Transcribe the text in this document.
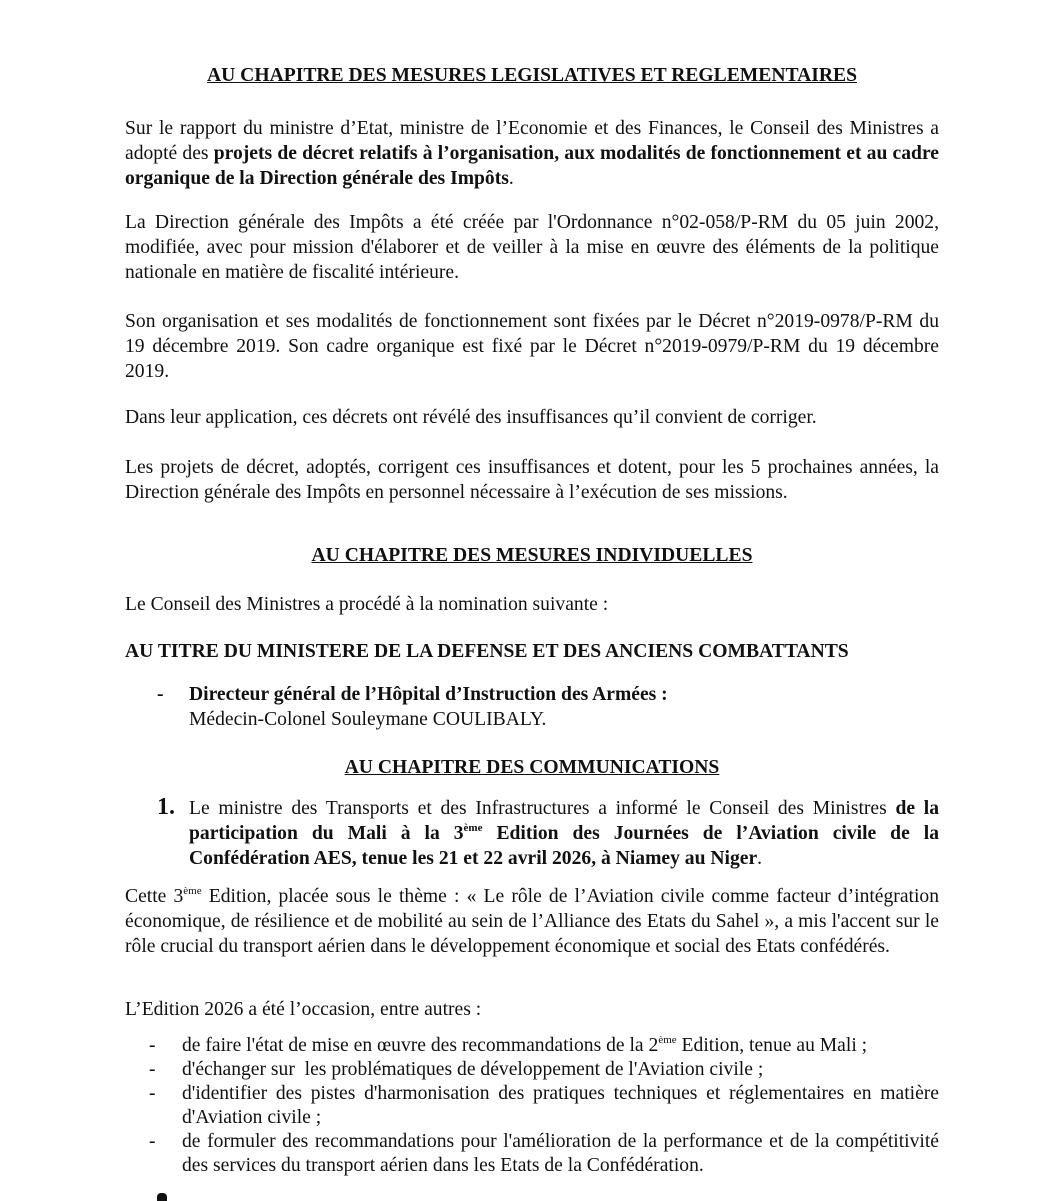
AU CHAPITRE DES MESURES LEGISLATIVES ET REGLEMENTAIRES

Sur le rapport du ministre d’Etat, ministre de l’Economie et des Finances, le Conseil des Ministres a adopté des projets de décret relatifs à l’organisation, aux modalités de fonctionnement et au cadre organique de la Direction générale des Impôts.

La Direction générale des Impôts a été créée par l'Ordonnance n°02-058/P-RM du 05 juin 2002, modifiée, avec pour mission d'élaborer et de veiller à la mise en œuvre des éléments de la politique nationale en matière de fiscalité intérieure.

Son organisation et ses modalités de fonctionnement sont fixées par le Décret n°2019-0978/P-RM du 19 décembre 2019. Son cadre organique est fixé par le Décret n°2019-0979/P-RM du 19 décembre 2019.

Dans leur application, ces décrets ont révélé des insuffisances qu’il convient de corriger.

Les projets de décret, adoptés, corrigent ces insuffisances et dotent, pour les 5 prochaines années, la Direction générale des Impôts en personnel nécessaire à l’exécution de ses missions.

AU CHAPITRE DES MESURES INDIVIDUELLES

Le Conseil des Ministres a procédé à la nomination suivante :

AU TITRE DU MINISTERE DE LA DEFENSE ET DES ANCIENS COMBATTANTS

- Directeur général de l’Hôpital d’Instruction des Armées :
Médecin-Colonel Souleymane COULIBALY.

AU CHAPITRE DES COMMUNICATIONS

1. Le ministre des Transports et des Infrastructures a informé le Conseil des Ministres de la participation du Mali à la 3ème Edition des Journées de l’Aviation civile de la Confédération AES, tenue les 21 et 22 avril 2026, à Niamey au Niger.

Cette 3ème Edition, placée sous le thème : « Le rôle de l’Aviation civile comme facteur d’intégration économique, de résilience et de mobilité au sein de l’Alliance des Etats du Sahel », a mis l'accent sur le rôle crucial du transport aérien dans le développement économique et social des Etats confédérés.

L’Edition 2026 a été l’occasion, entre autres :

- de faire l'état de mise en œuvre des recommandations de la 2ème Edition, tenue au Mali ;
- d'échanger sur  les problématiques de développement de l'Aviation civile ;
- d'identifier des pistes d'harmonisation des pratiques techniques et réglementaires en matière d'Aviation civile ;

- de formuler des recommandations pour l'amélioration de la performance et de la compétitivité des services du transport aérien dans les Etats de la Confédération.
